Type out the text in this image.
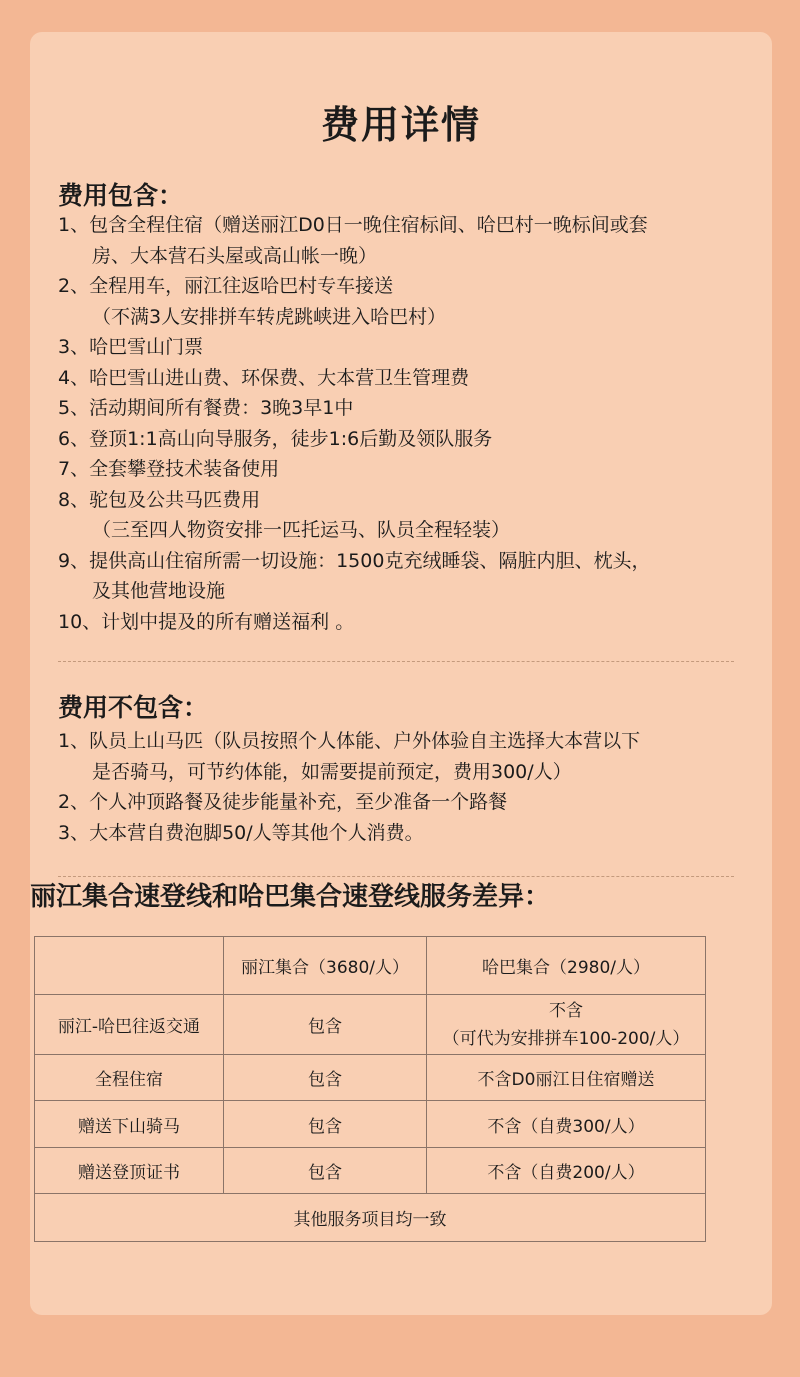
费用详情
费用包含：
1、包含全程住宿（赠送丽江D0日一晚住宿标间、哈巴村一晚标间或套
房、大本营石头屋或高山帐一晚）
2、全程用车，丽江往返哈巴村专车接送
（不满3人安排拼车转虎跳峡进入哈巴村）
3、哈巴雪山门票
4、哈巴雪山进山费、环保费、大本营卫生管理费
5、活动期间所有餐费：3晚3早1中
6、登顶1:1高山向导服务，徒步1:6后勤及领队服务
7、全套攀登技术装备使用
8、驼包及公共马匹费用
（三至四人物资安排一匹托运马、队员全程轻装）
9、提供高山住宿所需一切设施：1500克充绒睡袋、隔脏内胆、枕头，
及其他营地设施
10、计划中提及的所有赠送福利 。
费用不包含：
1、队员上山马匹（队员按照个人体能、户外体验自主选择大本营以下
是否骑马，可节约体能，如需要提前预定，费用300/人）
2、个人冲顶路餐及徒步能量补充，至少准备一个路餐
3、大本营自费泡脚50/人等其他个人消费。
丽江集合速登线和哈巴集合速登线服务差异：
	丽江集合（3680/人）	哈巴集合（2980/人）
丽江-哈巴往返交通	包含	不含
（可代为安排拼车100-200/人）

全程住宿	包含	不含D0丽江日住宿赠送
赠送下山骑马	包含	不含（自费300/人）
赠送登顶证书	包含	不含（自费200/人）
其他服务项目均一致		
